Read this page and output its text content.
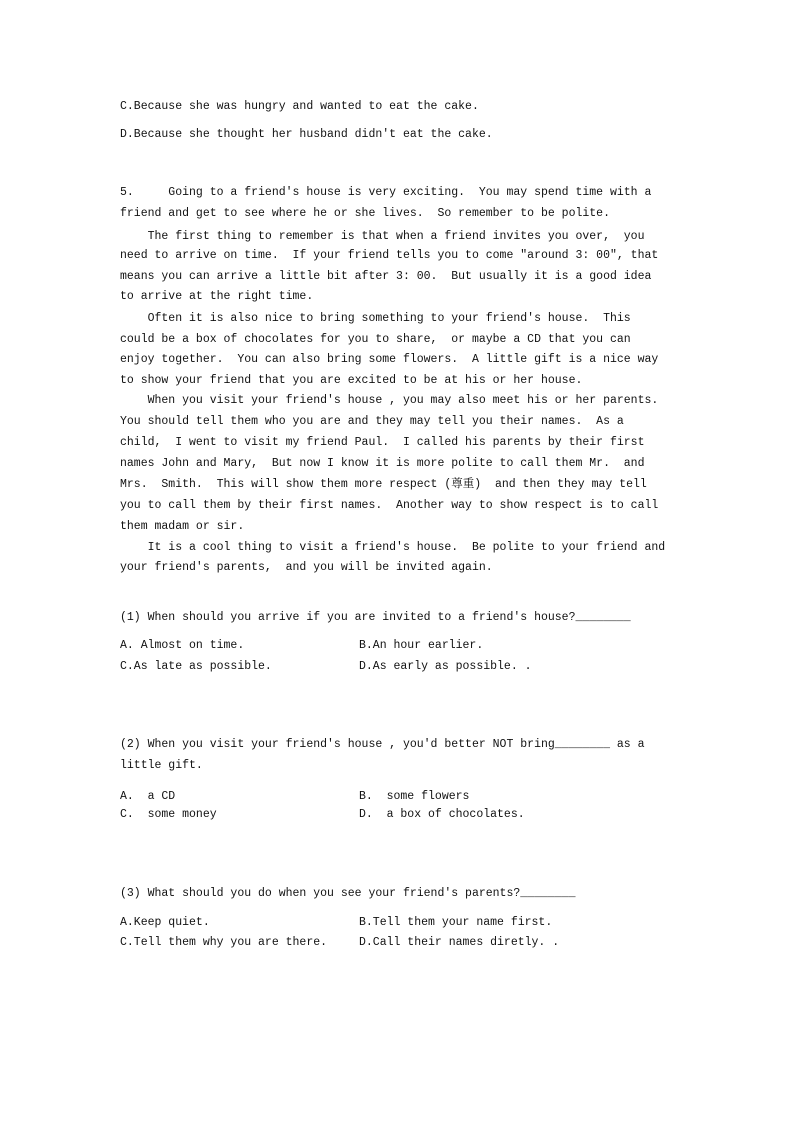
C.Because she was hungry and wanted to eat the cake.
D.Because she thought her husband didn't eat the cake.
5.     Going to a friend's house is very exciting.  You may spend time with a
friend and get to see where he or she lives.  So remember to be polite.
The first thing to remember is that when a friend invites you over,  you
need to arrive on time.  If your friend tells you to come "around 3: 00", that
means you can arrive a little bit after 3: 00.  But usually it is a good idea
to arrive at the right time.
Often it is also nice to bring something to your friend's house.  This
could be a box of chocolates for you to share,  or maybe a CD that you can
enjoy together.  You can also bring some flowers.  A little gift is a nice way
to show your friend that you are excited to be at his or her house.
When you visit your friend's house , you may also meet his or her parents.
You should tell them who you are and they may tell you their names.  As a
child,  I went to visit my friend Paul.  I called his parents by their first
names John and Mary,  But now I know it is more polite to call them Mr.  and
Mrs.  Smith.  This will show them more respect (尊重)  and then they may tell
you to call them by their first names.  Another way to show respect is to call
them madam or sir.
It is a cool thing to visit a friend's house.  Be polite to your friend and
your friend's parents,  and you will be invited again.
(1) When should you arrive if you are invited to a friend's house?________
A. Almost on time.	B.An hour earlier.
C.As late as possible.	D.As early as possible. .
(2) When you visit your friend's house , you'd better NOT bring________ as a
little gift.
A.  a CD	B.  some flowers
C.  some money	D.  a box of chocolates.
(3) What should you do when you see your friend's parents?________
A.Keep quiet.	B.Tell them your name first.
C.Tell them why you are there.	D.Call their names diretly. .
